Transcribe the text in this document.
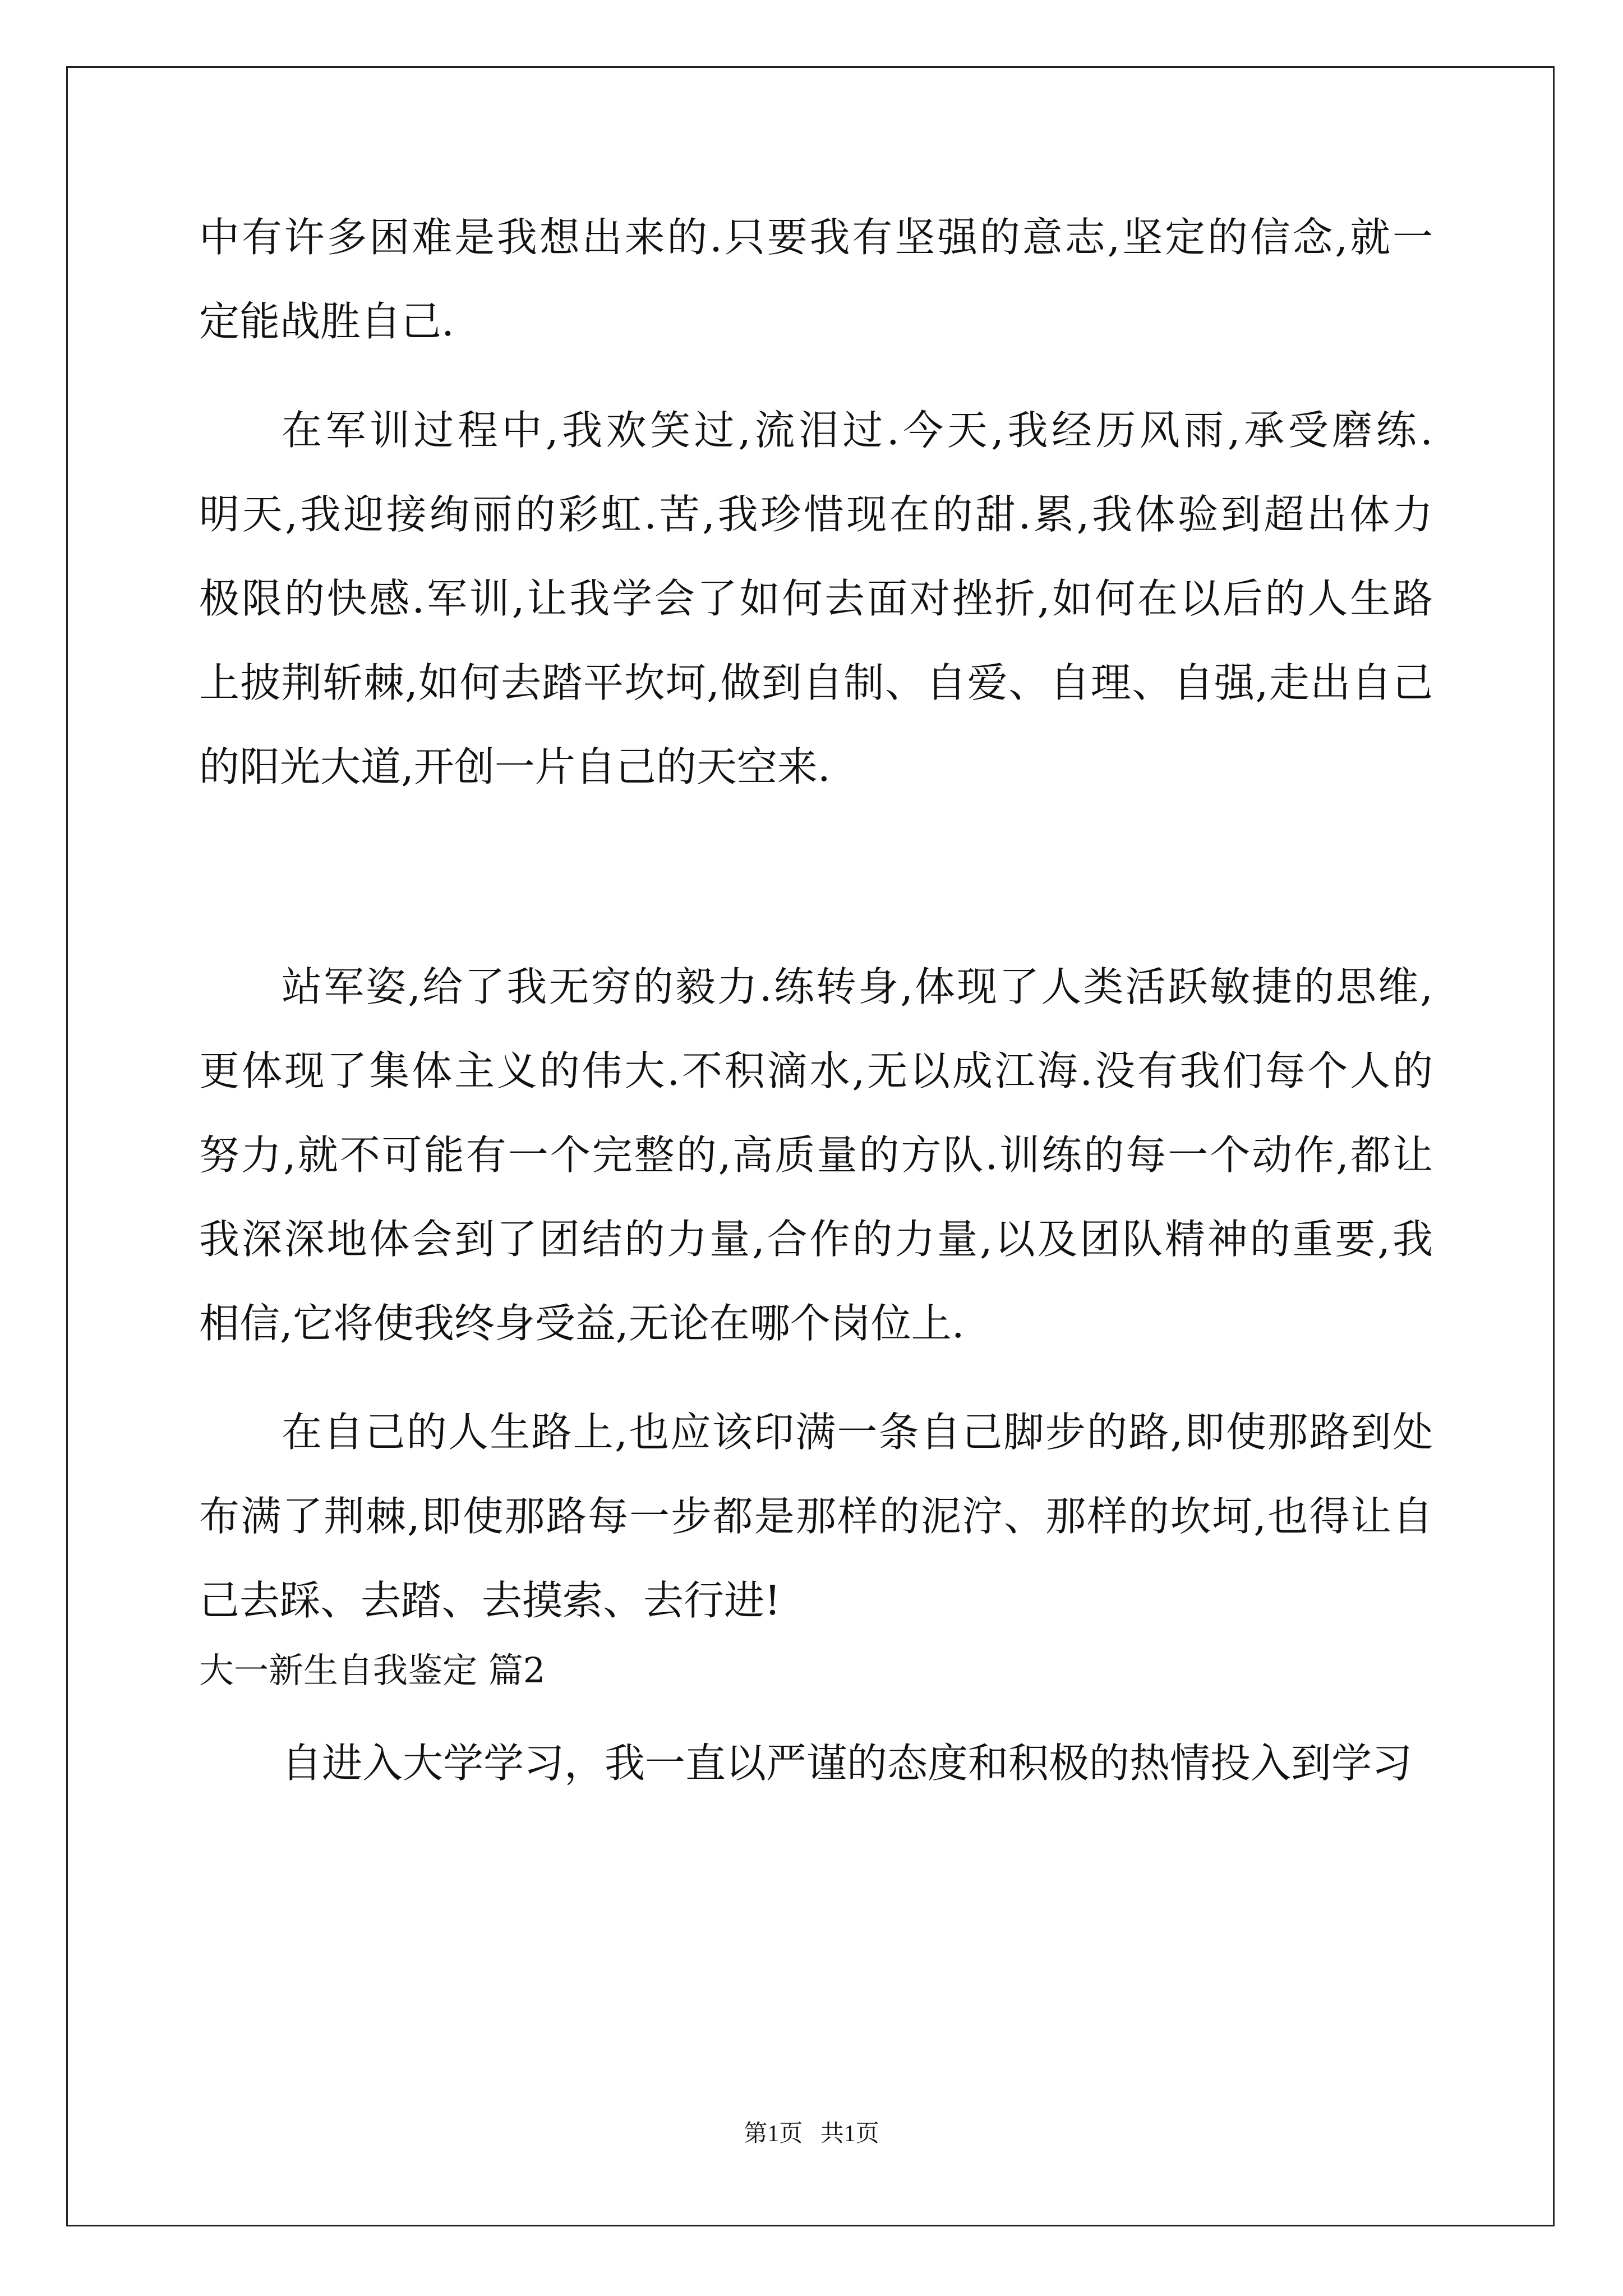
中有许多困难是我想出来的.只要我有坚强的意志,坚定的信念,就一
定能战胜自己.
在军训过程中,我欢笑过,流泪过.今天,我经历风雨,承受磨练.
明天,我迎接绚丽的彩虹.苦,我珍惜现在的甜.累,我体验到超出体力
极限的快感.军训,让我学会了如何去面对挫折,如何在以后的人生路
上披荆斩棘,如何去踏平坎坷,做到自制、自爱、自理、自强,走出自己
的阳光大道,开创一片自己的天空来.
站军姿,给了我无穷的毅力.练转身,体现了人类活跃敏捷的思维,
更体现了集体主义的伟大.不积滴水,无以成江海.没有我们每个人的
努力,就不可能有一个完整的,高质量的方队.训练的每一个动作,都让
我深深地体会到了团结的力量,合作的力量,以及团队精神的重要,我
相信,它将使我终身受益,无论在哪个岗位上.
在自己的人生路上,也应该印满一条自己脚步的路,即使那路到处
布满了荆棘,即使那路每一步都是那样的泥泞、那样的坎坷,也得让自
己去踩、去踏、去摸索、去行进!
大一新生自我鉴定 篇2
自进入大学学习，我一直以严谨的态度和积极的热情投入到学习
第1页   共1页
